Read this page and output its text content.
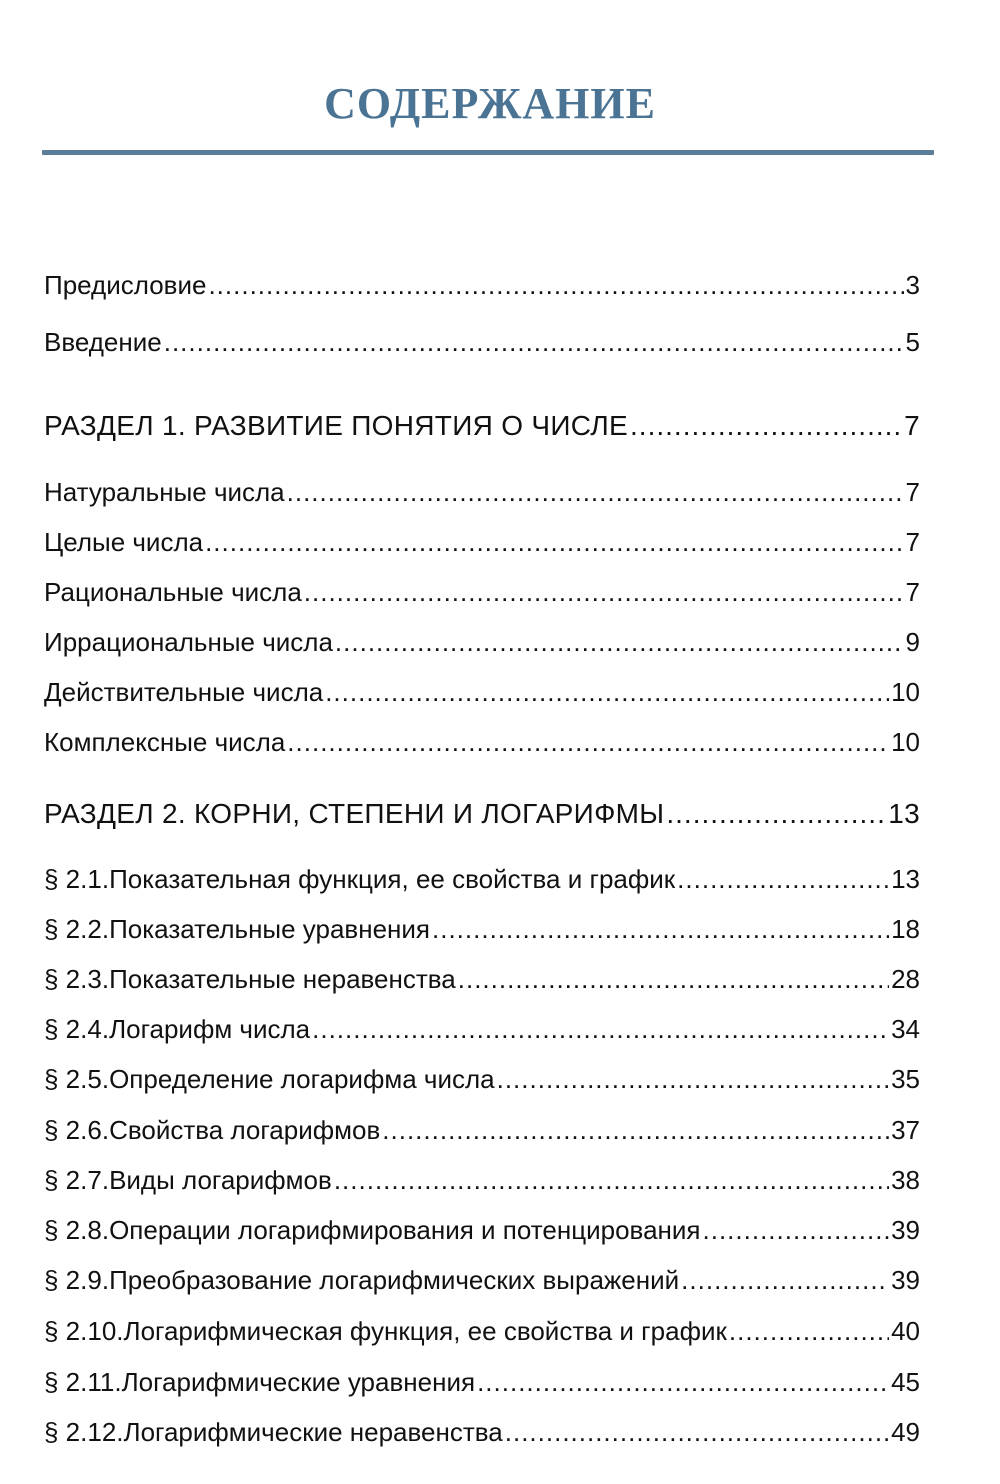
СОДЕРЖАНИЕ
Предисловие .....	3
Введение .....	5
РАЗДЕЛ 1. РАЗВИТИЕ ПОНЯТИЯ О ЧИСЛЕ .....	7
Натуральные числа .....	7
Целые числа .....	7
Рациональные числа .....	7
Иррациональные числа .....	9
Действительные числа .....	10
Комплексные числа .....	10
РАЗДЕЛ 2. КОРНИ, СТЕПЕНИ И ЛОГАРИФМЫ .....	13
§ 2.1. Показательная функция, ее свойства и график .....	13
§ 2.2. Показательные уравнения .....	18
§ 2.3. Показательные неравенства .....	28
§ 2.4. Логарифм числа .....	34
§ 2.5. Определение логарифма числа .....	35
§ 2.6. Свойства логарифмов .....	37
§ 2.7. Виды логарифмов .....	38
§ 2.8. Операции логарифмирования и потенцирования .....	39
§ 2.9. Преобразование логарифмических выражений .....	39
§ 2.10. Логарифмическая функция, ее свойства и график .....	40
§ 2.11. Логарифмические уравнения .....	45
§ 2.12. Логарифмические неравенства .....	49
